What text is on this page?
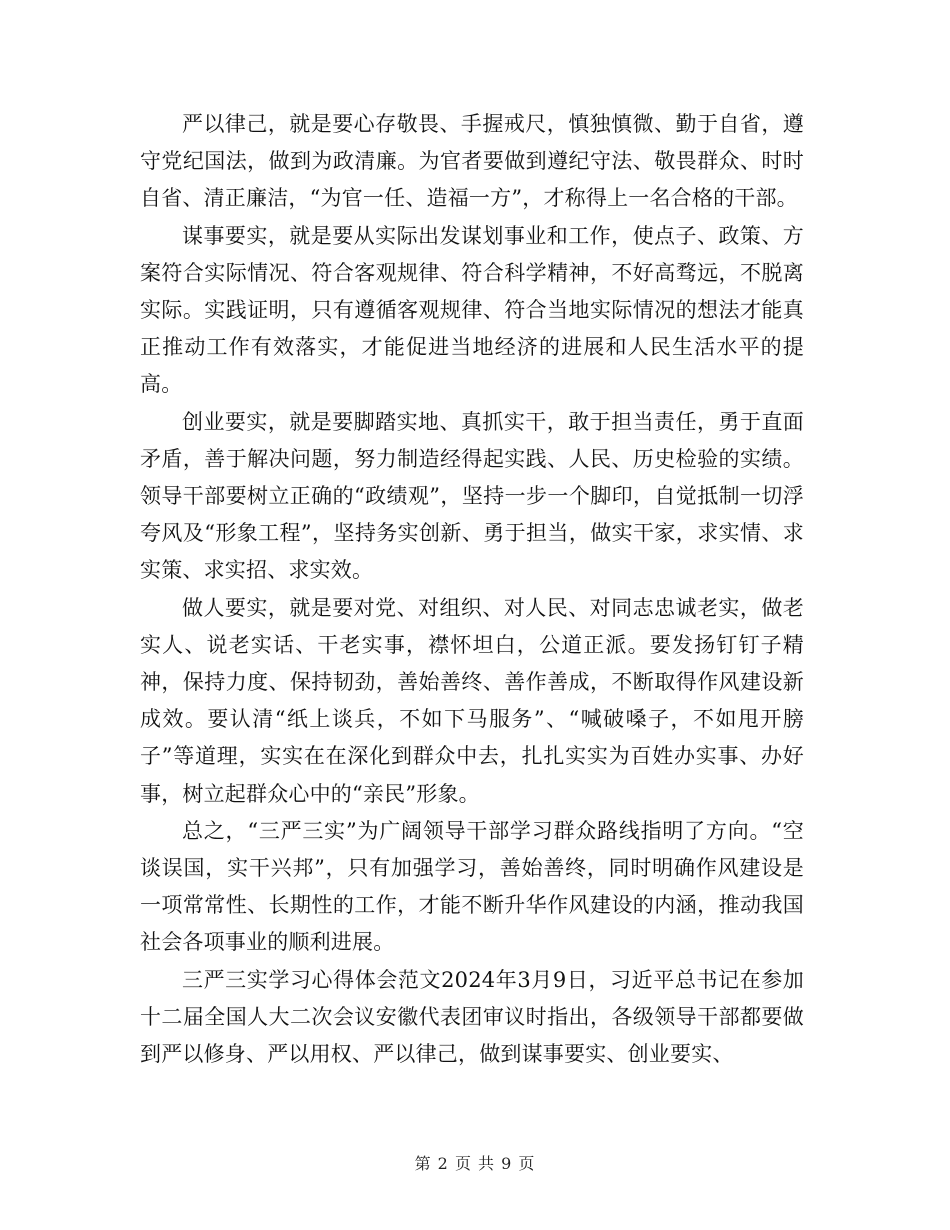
严以律己，就是要心存敬畏、手握戒尺，慎独慎微、勤于自省，遵守党纪国法，做到为政清廉。为官者要做到遵纪守法、敬畏群众、时时自省、清正廉洁，“为官一任、造福一方”，才称得上一名合格的干部。

谋事要实，就是要从实际出发谋划事业和工作，使点子、政策、方案符合实际情况、符合客观规律、符合科学精神，不好高骛远，不脱离实际。实践证明，只有遵循客观规律、符合当地实际情况的想法才能真正推动工作有效落实，才能促进当地经济的进展和人民生活水平的提高。

创业要实，就是要脚踏实地、真抓实干，敢于担当责任，勇于直面矛盾，善于解决问题，努力制造经得起实践、人民、历史检验的实绩。领导干部要树立正确的“政绩观”，坚持一步一个脚印，自觉抵制一切浮夸风及“形象工程”，坚持务实创新、勇于担当，做实干家，求实情、求实策、求实招、求实效。

做人要实，就是要对党、对组织、对人民、对同志忠诚老实，做老实人、说老实话、干老实事，襟怀坦白，公道正派。要发扬钉钉子精神，保持力度、保持韧劲，善始善终、善作善成，不断取得作风建设新成效。要认清“纸上谈兵，不如下马服务”、“喊破嗓子，不如甩开膀子”等道理，实实在在深化到群众中去，扎扎实实为百姓办实事、办好事，树立起群众心中的“亲民”形象。

总之，“三严三实”为广阔领导干部学习群众路线指明了方向。“空谈误国，实干兴邦”，只有加强学习，善始善终，同时明确作风建设是一项常常性、长期性的工作，才能不断升华作风建设的内涵，推动我国社会各项事业的顺利进展。

三严三实学习心得体会范文2024年3月9日，习近平总书记在参加十二届全国人大二次会议安徽代表团审议时指出，各级领导干部都要做到严以修身、严以用权、严以律己，做到谋事要实、创业要实、

第 2 页 共 9 页
